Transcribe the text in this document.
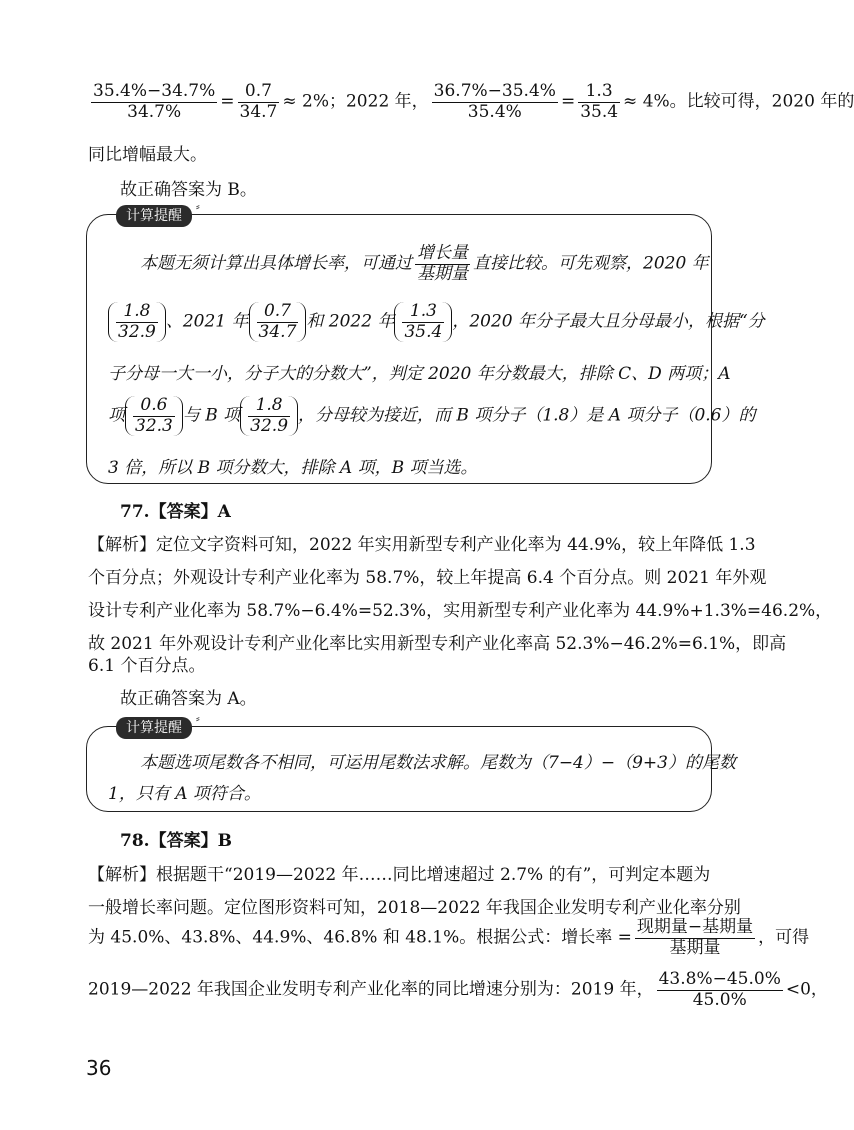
$\frac{35.4\%-34.7\%}{34.7\%} = \frac{0.7}{34.7} \approx 2\%$；2022 年， $\frac{36.7\%-35.4\%}{35.4\%} = \frac{1.3}{35.4} \approx 4\%$。比较可得，2020 年的
同比增幅最大。
故正确答案为 B。
计算提醒
⸗
本题无须计算出具体增长率，可通过 $\frac{\text{增长量}}{\text{基期量}}$ 直接比较。可先观察，2020 年
$\frac{1.8}{32.9}$ 、2021 年 $\frac{0.7}{34.7}$ 和 2022 年 $\frac{1.3}{35.4}$ ，2020 年分子最大且分母最小，根据“分
子分母一大一小，分子大的分数大”，判定 2020 年分数最大，排除 C、D 两项；A
项 $\frac{0.6}{32.3}$ 与 B 项 $\frac{1.8}{32.9}$ ，分母较为接近，而 B 项分子（1.8）是 A 项分子（0.6）的
3 倍，所以 B 项分数大，排除 A 项，B 项当选。
77.【答案】A
【解析】定位文字资料可知，2022 年实用新型专利产业化率为 44.9%，较上年降低 1.3
个百分点；外观设计专利产业化率为 58.7%，较上年提高 6.4 个百分点。则 2021 年外观
设计专利产业化率为 58.7%−6.4%=52.3%，实用新型专利产业化率为 44.9%+1.3%=46.2%，
故 2021 年外观设计专利产业化率比实用新型专利产业化率高 52.3%−46.2%=6.1%，即高
6.1 个百分点。
故正确答案为 A。
计算提醒
⸗
本题选项尾数各不相同，可运用尾数法求解。尾数为（7−4）−（9+3）的尾数
1，只有 A 项符合。
78.【答案】B
【解析】根据题干“2019—2022 年……同比增速超过 2.7% 的有”，可判定本题为
一般增长率问题。定位图形资料可知，2018—2022 年我国企业发明专利产业化率分别
为 45.0%、43.8%、44.9%、46.8% 和 48.1%。根据公式：增长率 = $\frac{\text{现期量−基期量}}{\text{基期量}}$ ，可得
2019—2022 年我国企业发明专利产业化率的同比增速分别为：2019 年， $\frac{43.8\%-45.0\%}{45.0\%} <0$，
36
